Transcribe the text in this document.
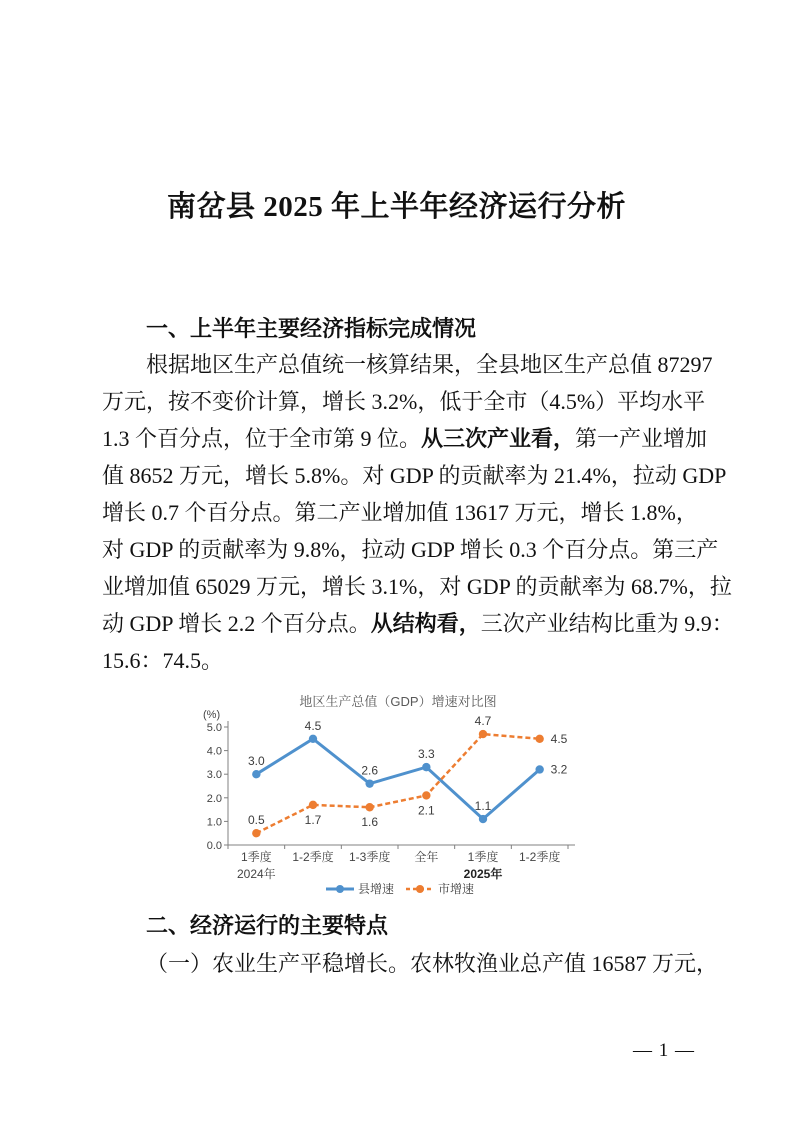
南岔县 2025 年上半年经济运行分析
一、上半年主要经济指标完成情况
根据地区生产总值统一核算结果，全县地区生产总值 87297
万元，按不变价计算，增长 3.2%，低于全市（4.5%）平均水平
1.3 个百分点，位于全市第 9 位。从三次产业看，第一产业增加
值 8652 万元，增长 5.8%。对 GDP 的贡献率为 21.4%，拉动 GDP
增长 0.7 个百分点。第二产业增加值 13617 万元，增长 1.8%，
对 GDP 的贡献率为 9.8%，拉动 GDP 增长 0.3 个百分点。第三产
业增加值 65029 万元，增长 3.1%，对 GDP 的贡献率为 68.7%，拉
动 GDP 增长 2.2 个百分点。从结构看，三次产业结构比重为 9.9：
15.6：74.5。
地区生产总值（GDP）增速对比图
(%)
5.0
4.0
3.0
2.0
1.0
0.0
1季度 1-2季度 1-3季度 全年 1季度 1-2季度
2024年	2025年
3.0
4.5
2.6
3.3
1.1
3.2
0.5	1.7	1.6
2.1
4.7
4.5
县增速	市增速
二、经济运行的主要特点
（一）农业生产平稳增长。农林牧渔业总产值 16587 万元，
— 1 —
